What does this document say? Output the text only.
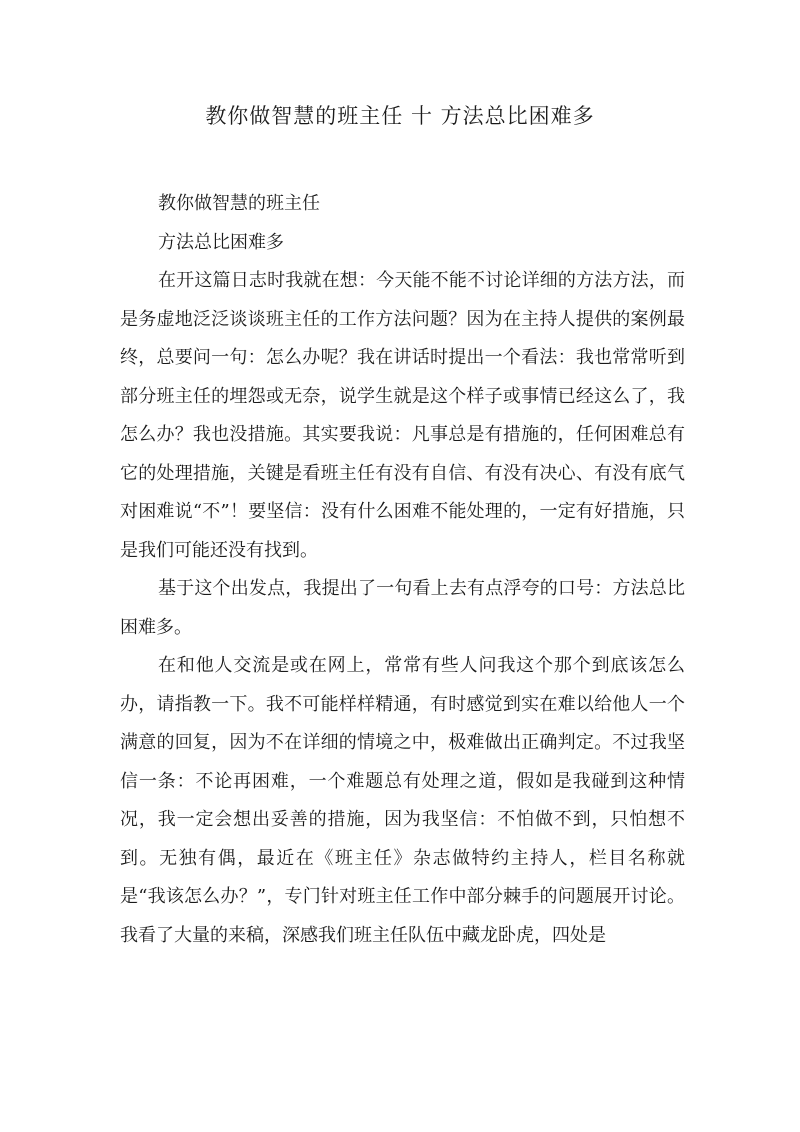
教你做智慧的班主任 十 方法总比困难多

教你做智慧的班主任

方法总比困难多

在开这篇日志时我就在想：今天能不能不讨论详细的方法方法，而是务虚地泛泛谈谈班主任的工作方法问题？因为在主持人提供的案例最终，总要问一句：怎么办呢？我在讲话时提出一个看法：我也常常听到部分班主任的埋怨或无奈，说学生就是这个样子或事情已经这么了，我怎么办？我也没措施。其实要我说：凡事总是有措施的，任何困难总有它的处理措施，关键是看班主任有没有自信、有没有决心、有没有底气对困难说“不”！要坚信：没有什么困难不能处理的，一定有好措施，只是我们可能还没有找到。

基于这个出发点，我提出了一句看上去有点浮夸的口号：方法总比困难多。

在和他人交流是或在网上，常常有些人问我这个那个到底该怎么办，请指教一下。我不可能样样精通，有时感觉到实在难以给他人一个满意的回复，因为不在详细的情境之中，极难做出正确判定。不过我坚信一条：不论再困难，一个难题总有处理之道，假如是我碰到这种情况，我一定会想出妥善的措施，因为我坚信：不怕做不到，只怕想不到。无独有偶，最近在《班主任》杂志做特约主持人，栏目名称就是“我该怎么办？”，专门针对班主任工作中部分棘手的问题展开讨论。我看了大量的来稿，深感我们班主任队伍中藏龙卧虎，四处是
